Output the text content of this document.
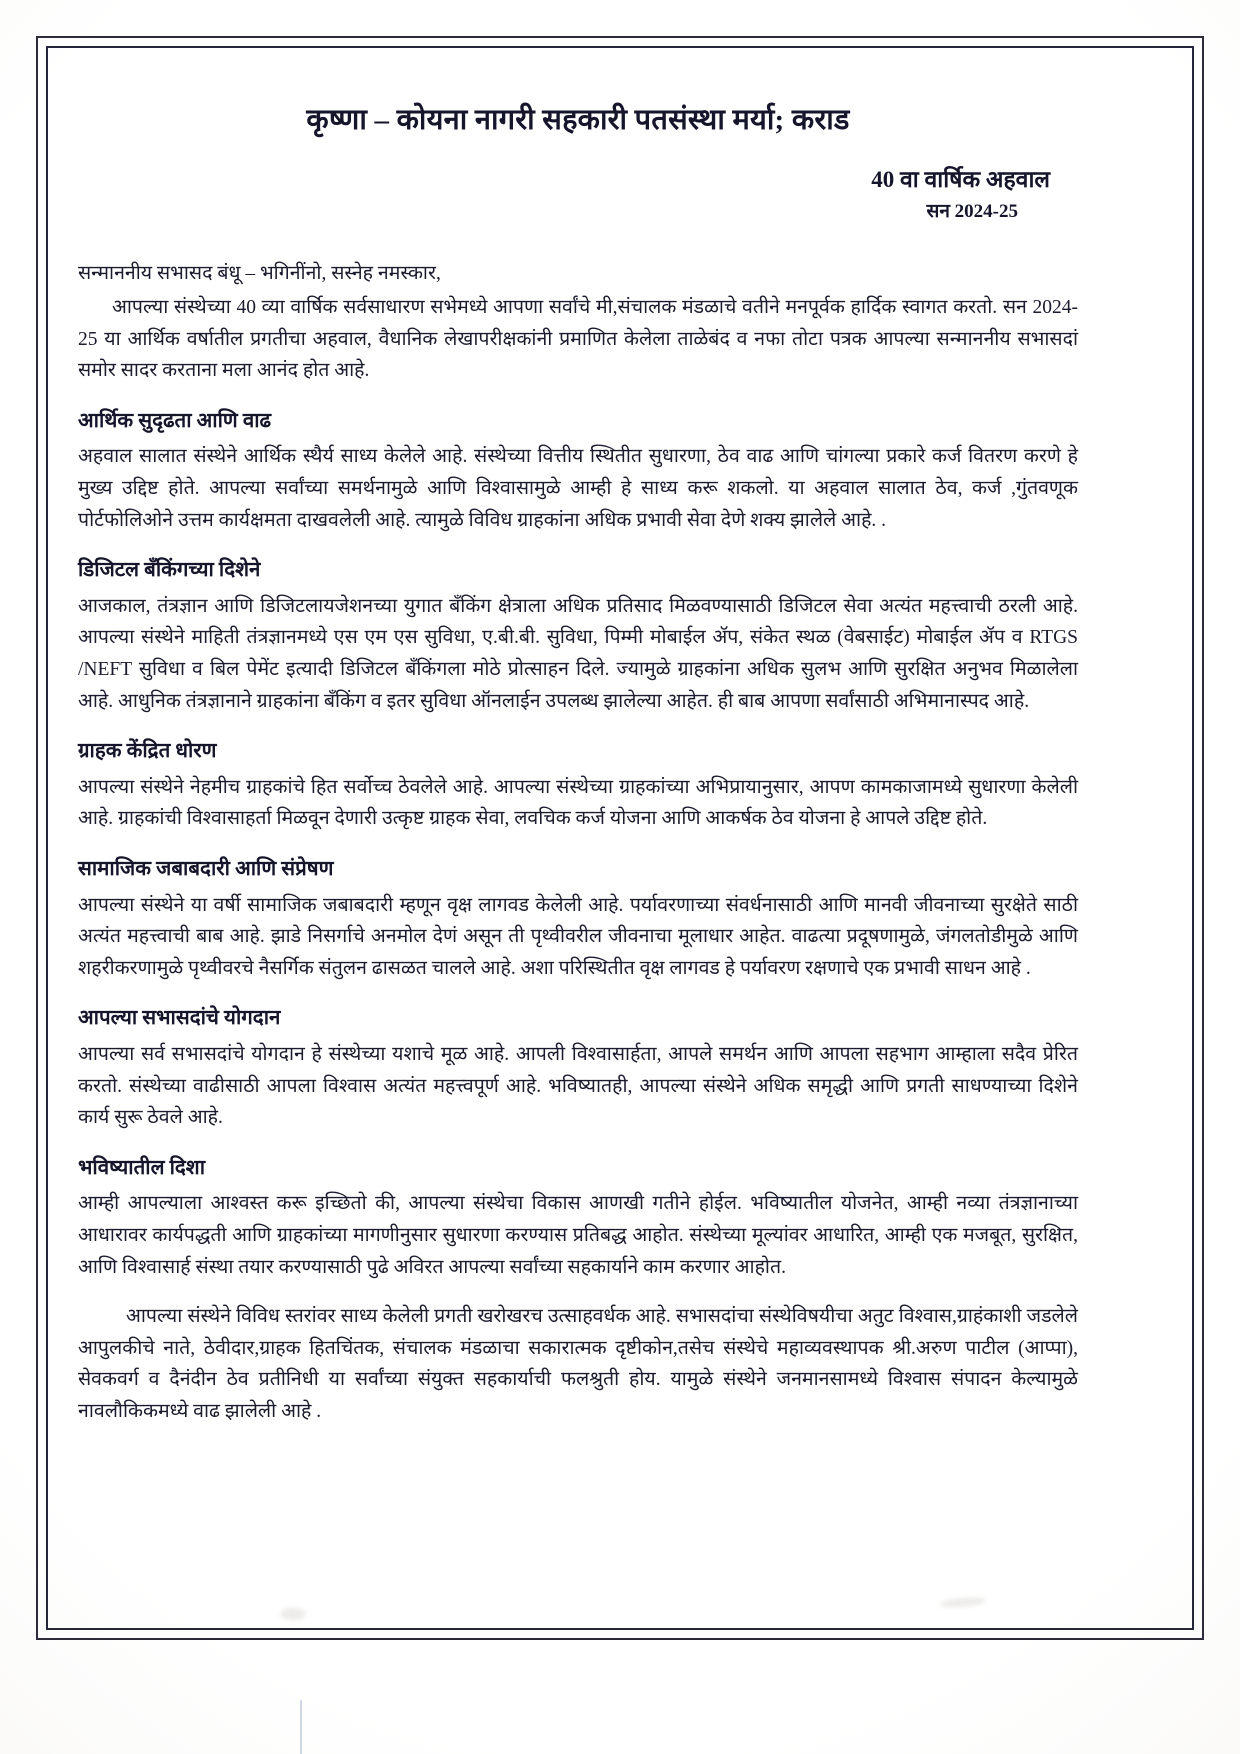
कृष्णा – कोयना नागरी सहकारी पतसंस्था मर्या; कराड
40 वा वार्षिक अहवाल
सन 2024-25
सन्माननीय सभासद बंधू – भगिनींनो, सस्नेह नमस्कार,

आपल्या संस्थेच्या 40 व्या वार्षिक सर्वसाधारण सभेमध्ये आपणा सर्वांचे मी,संचालक मंडळाचे वतीने मनपूर्वक हार्दिक स्वागत करतो. सन 2024- 25 या आर्थिक वर्षातील प्रगतीचा अहवाल, वैधानिक लेखापरीक्षकांनी प्रमाणित केलेला ताळेबंद व नफा तोटा पत्रक आपल्या सन्माननीय सभासदां समोर सादर करताना मला आनंद होत आहे.

आर्थिक सुदृढता आणि वाढ

अहवाल सालात संस्थेने आर्थिक स्थैर्य साध्य केलेले आहे. संस्थेच्या वित्तीय स्थितीत सुधारणा, ठेव वाढ आणि चांगल्या प्रकारे कर्ज वितरण करणे हे मुख्य उद्दिष्ट होते. आपल्या सर्वांच्या समर्थनामुळे आणि विश्वासामुळे आम्ही हे साध्य करू शकलो. या अहवाल सालात ठेव, कर्ज ,गुंतवणूक पोर्टफोलिओने उत्तम कार्यक्षमता दाखवलेली आहे. त्यामुळे विविध ग्राहकांना अधिक प्रभावी सेवा देणे शक्य झालेले आहे. .

डिजिटल बँकिंगच्या दिशेने

आजकाल, तंत्रज्ञान आणि डिजिटलायजेशनच्या युगात बँकिंग क्षेत्राला अधिक प्रतिसाद मिळवण्यासाठी डिजिटल सेवा अत्यंत महत्त्वाची ठरली आहे. आपल्या संस्थेने माहिती तंत्रज्ञानमध्ये एस एम एस सुविधा, ए.बी.बी. सुविधा, पिम्मी मोबाईल ॲप, संकेत स्थळ (वेबसाईट) मोबाईल ॲप व RTGS /NEFT सुविधा व बिल पेमेंट इत्यादी डिजिटल बँकिंगला मोठे प्रोत्साहन दिले. ज्यामुळे ग्राहकांना अधिक सुलभ आणि सुरक्षित अनुभव मिळालेला आहे. आधुनिक तंत्रज्ञानाने ग्राहकांना बँकिंग व इतर सुविधा ऑनलाईन उपलब्ध झालेल्या आहेत. ही बाब आपणा सर्वांसाठी अभिमानास्पद आहे.

ग्राहक केंद्रित धोरण

आपल्या संस्थेने नेहमीच ग्राहकांचे हित सर्वोच्च ठेवलेले आहे. आपल्या संस्थेच्या ग्राहकांच्या अभिप्रायानुसार, आपण कामकाजामध्ये सुधारणा केलेली आहे. ग्राहकांची विश्वासाहर्ता मिळवून देणारी उत्कृष्ट ग्राहक सेवा, लवचिक कर्ज योजना आणि आकर्षक ठेव योजना हे आपले उद्दिष्ट होते.

सामाजिक जबाबदारी आणि संप्रेषण

आपल्या संस्थेने या वर्षी सामाजिक जबाबदारी म्हणून वृक्ष लागवड केलेली आहे. पर्यावरणाच्या संवर्धनासाठी आणि मानवी जीवनाच्या सुरक्षेते साठी अत्यंत महत्त्वाची बाब आहे. झाडे निसर्गाचे अनमोल देणं असून ती पृथ्वीवरील जीवनाचा मूलाधार आहेत. वाढत्या प्रदूषणामुळे, जंगलतोडीमुळे आणि शहरीकरणामुळे पृथ्वीवरचे नैसर्गिक संतुलन ढासळत चालले आहे. अशा परिस्थितीत वृक्ष लागवड हे पर्यावरण रक्षणाचे एक प्रभावी साधन आहे .

आपल्या सभासदांचे योगदान

आपल्या सर्व सभासदांचे योगदान हे संस्थेच्या यशाचे मूळ आहे. आपली विश्वासार्हता, आपले समर्थन आणि आपला सहभाग आम्हाला सदैव प्रेरित करतो. संस्थेच्या वाढीसाठी आपला विश्वास अत्यंत महत्त्वपूर्ण आहे. भविष्यातही, आपल्या संस्थेने अधिक समृद्धी आणि प्रगती साधण्याच्या दिशेने कार्य सुरू ठेवले आहे.

भविष्यातील दिशा

आम्ही आपल्याला आश्वस्त करू इच्छितो की, आपल्या संस्थेचा विकास आणखी गतीने होईल. भविष्यातील योजनेत, आम्ही नव्या तंत्रज्ञानाच्या आधारावर कार्यपद्धती आणि ग्राहकांच्या मागणीनुसार सुधारणा करण्यास प्रतिबद्ध आहोत. संस्थेच्या मूल्यांवर आधारित, आम्ही एक मजबूत, सुरक्षित, आणि विश्वासार्ह संस्था तयार करण्यासाठी पुढे अविरत आपल्या सर्वांच्या सहकार्याने काम करणार आहोत.

आपल्या संस्थेने विविध स्तरांवर साध्य केलेली प्रगती खरोखरच उत्साहवर्धक आहे. सभासदांचा संस्थेविषयीचा अतुट विश्वास,ग्राहंकाशी जडलेले आपुलकीचे नाते, ठेवीदार,ग्राहक हितचिंतक, संचालक मंडळाचा सकारात्मक दृष्टीकोन,तसेच संस्थेचे महाव्यवस्थापक श्री.अरुण पाटील (आप्पा), सेवकवर्ग व दैनंदीन ठेव प्रतीनिधी या सर्वांच्या संयुक्त सहकार्याची फलश्रुती होय. यामुळे संस्थेने जनमानसामध्ये विश्वास संपादन केल्यामुळे नावलौकिकमध्ये वाढ झालेली आहे .
